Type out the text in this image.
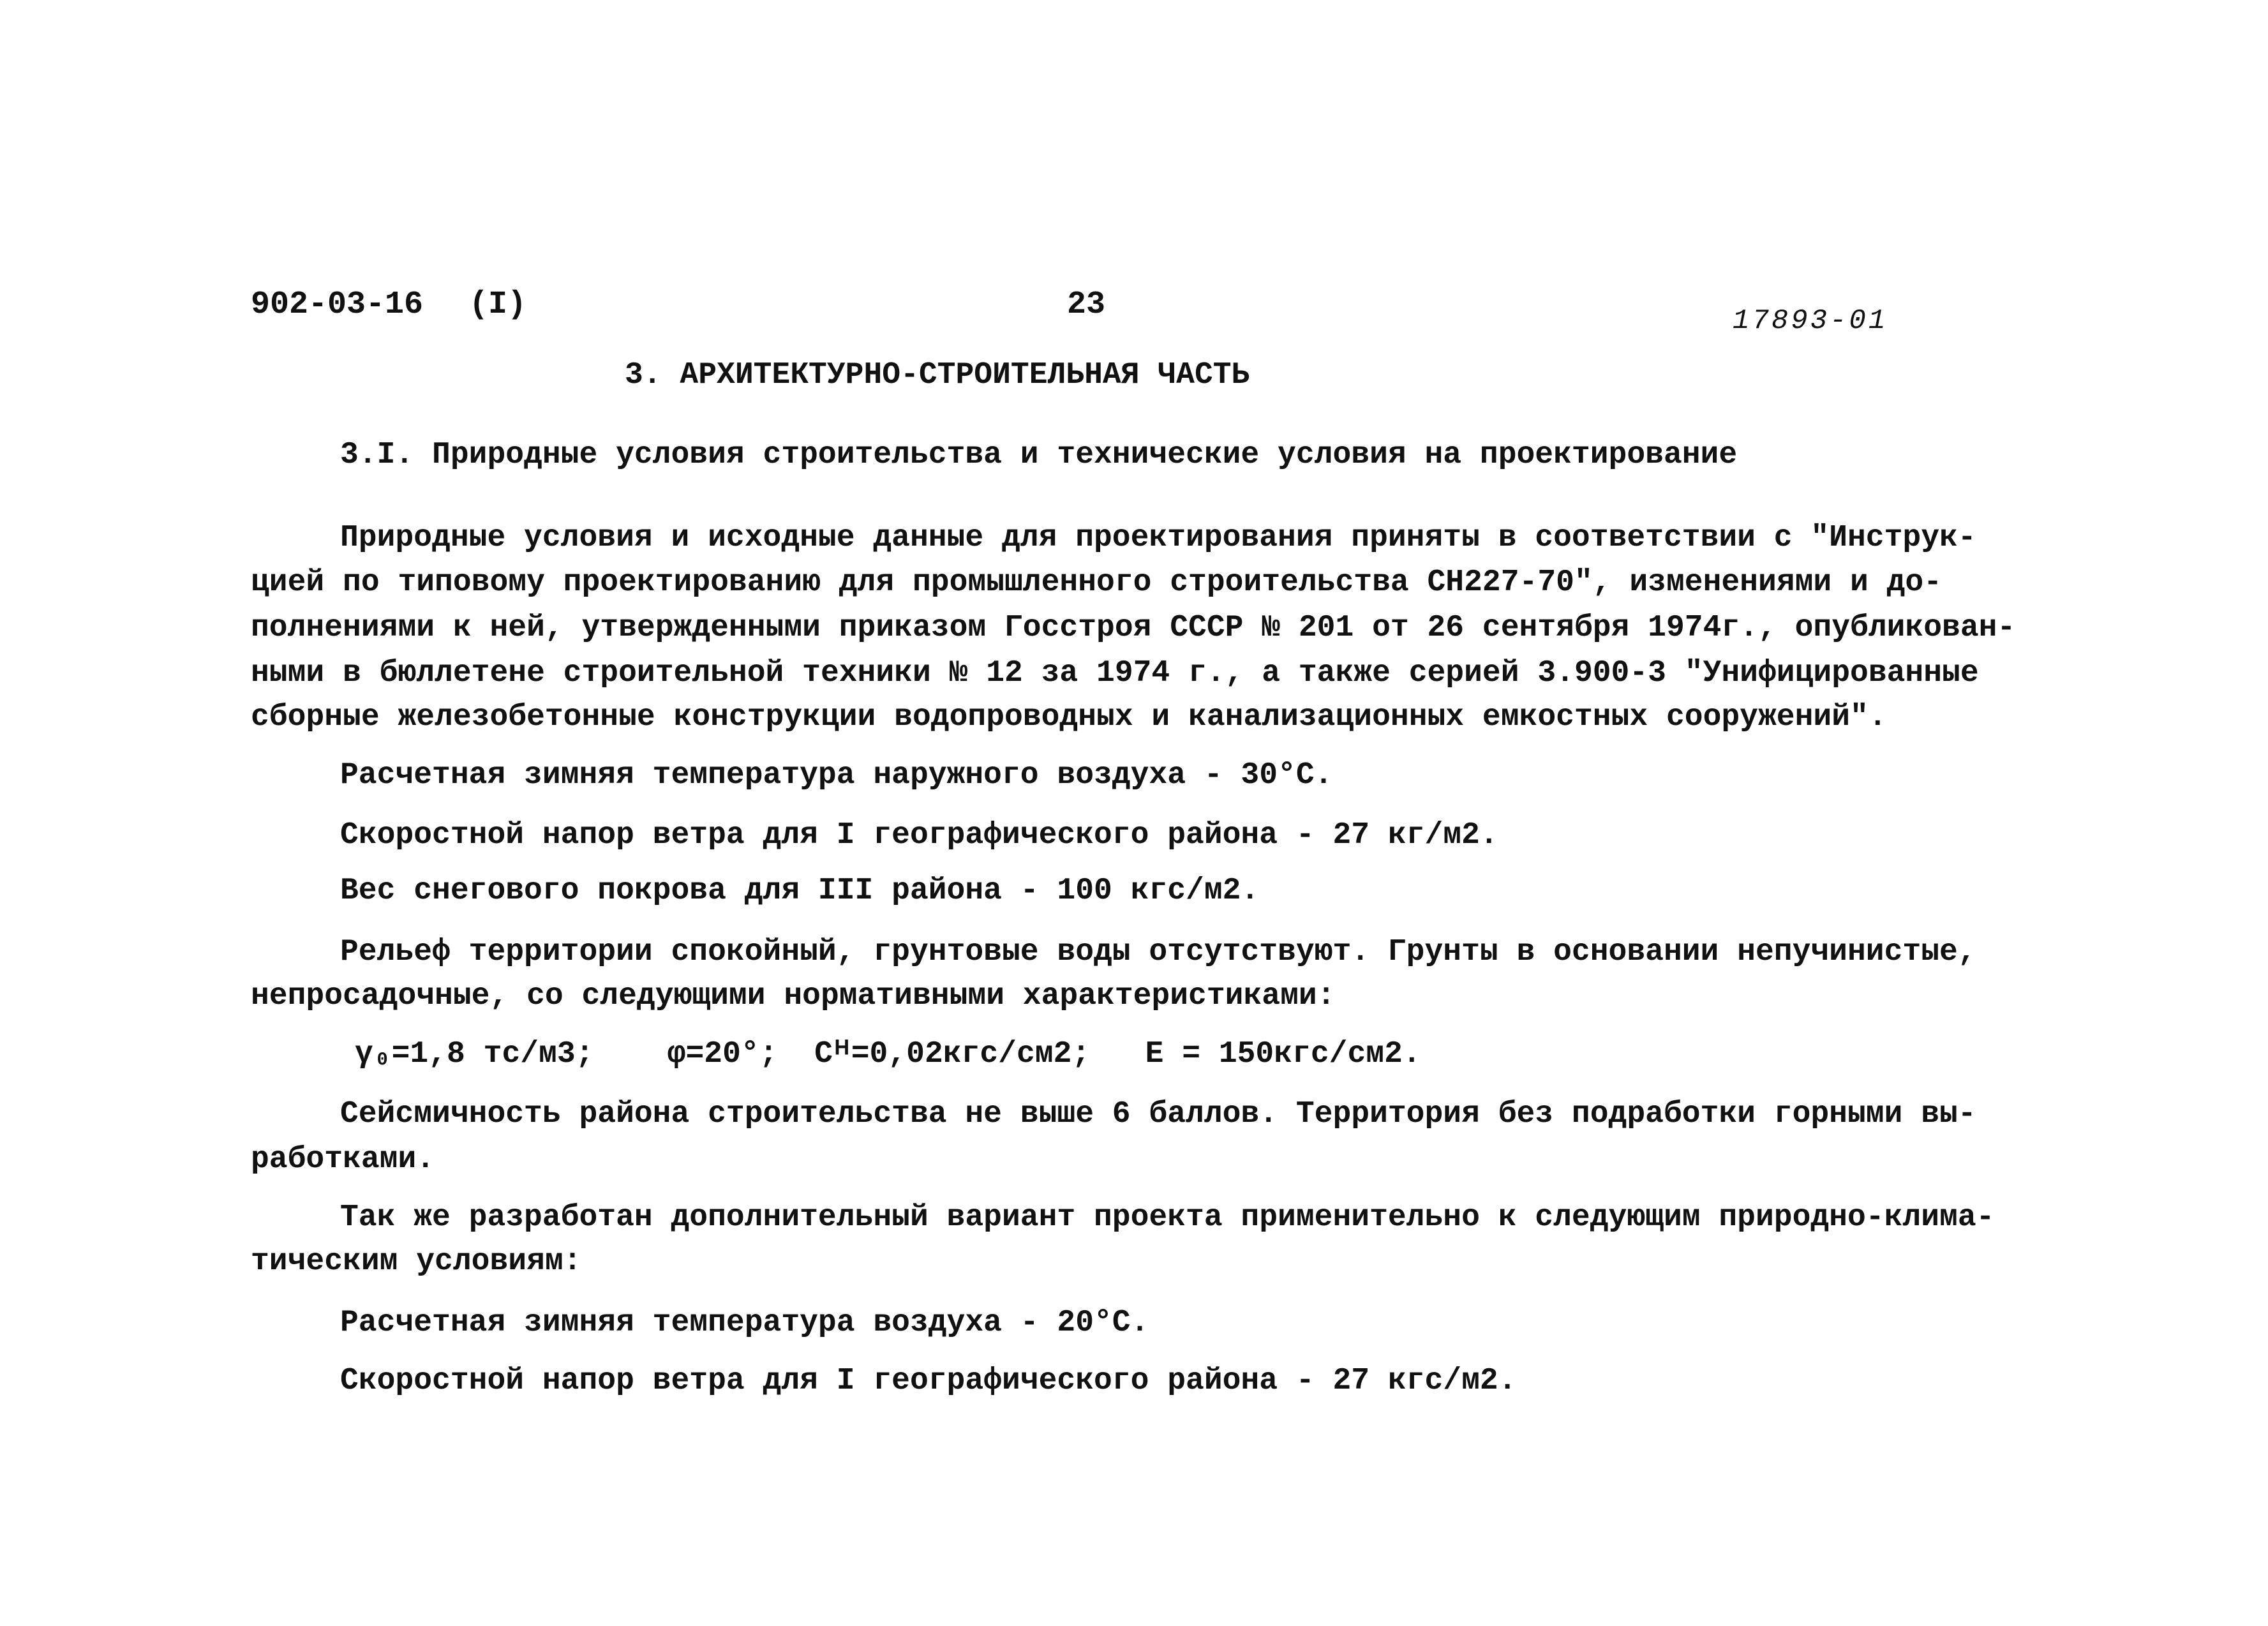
902-03-16 (I)	23	17893-01
3. АРХИТЕКТУРНО-СТРОИТЕЛЬНАЯ ЧАСТЬ
3.I. Природные условия строительства и технические условия на проектирование
Природные условия и исходные данные для проектирования приняты в соответствии с "Инструк-
цией по типовому проектированию для промышленного строительства СН227-70", изменениями и до-
полнениями к ней, утвержденными приказом Госстроя СССР № 201 от 26 сентября 1974г., опубликован-
ными в бюллетене строительной техники № 12 за 1974 г., а также серией 3.900-3 "Унифицированные
сборные железобетонные конструкции водопроводных и канализационных емкостных сооружений".
Расчетная зимняя температура наружного воздуха - 30°С.
Скоростной напор ветра для I географического района - 27 кг/м2.
Вес снегового покрова для III района - 100 кгс/м2.
Рельеф территории спокойный, грунтовые воды отсутствуют. Грунты в основании непучинистые,
непросадочные, со следующими нормативными характеристиками:
γ₀=1,8 тс/м3;    φ=20°;  Cᴴ=0,02кгс/см2;   E = 150кгс/см2.
Сейсмичность района строительства не выше 6 баллов. Территория без подработки горными вы-
работками.
Так же разработан дополнительный вариант проекта применительно к следующим природно-клима-
тическим условиям:
Расчетная зимняя температура воздуха - 20°С.
Скоростной напор ветра для I географического района - 27 кгс/м2.
